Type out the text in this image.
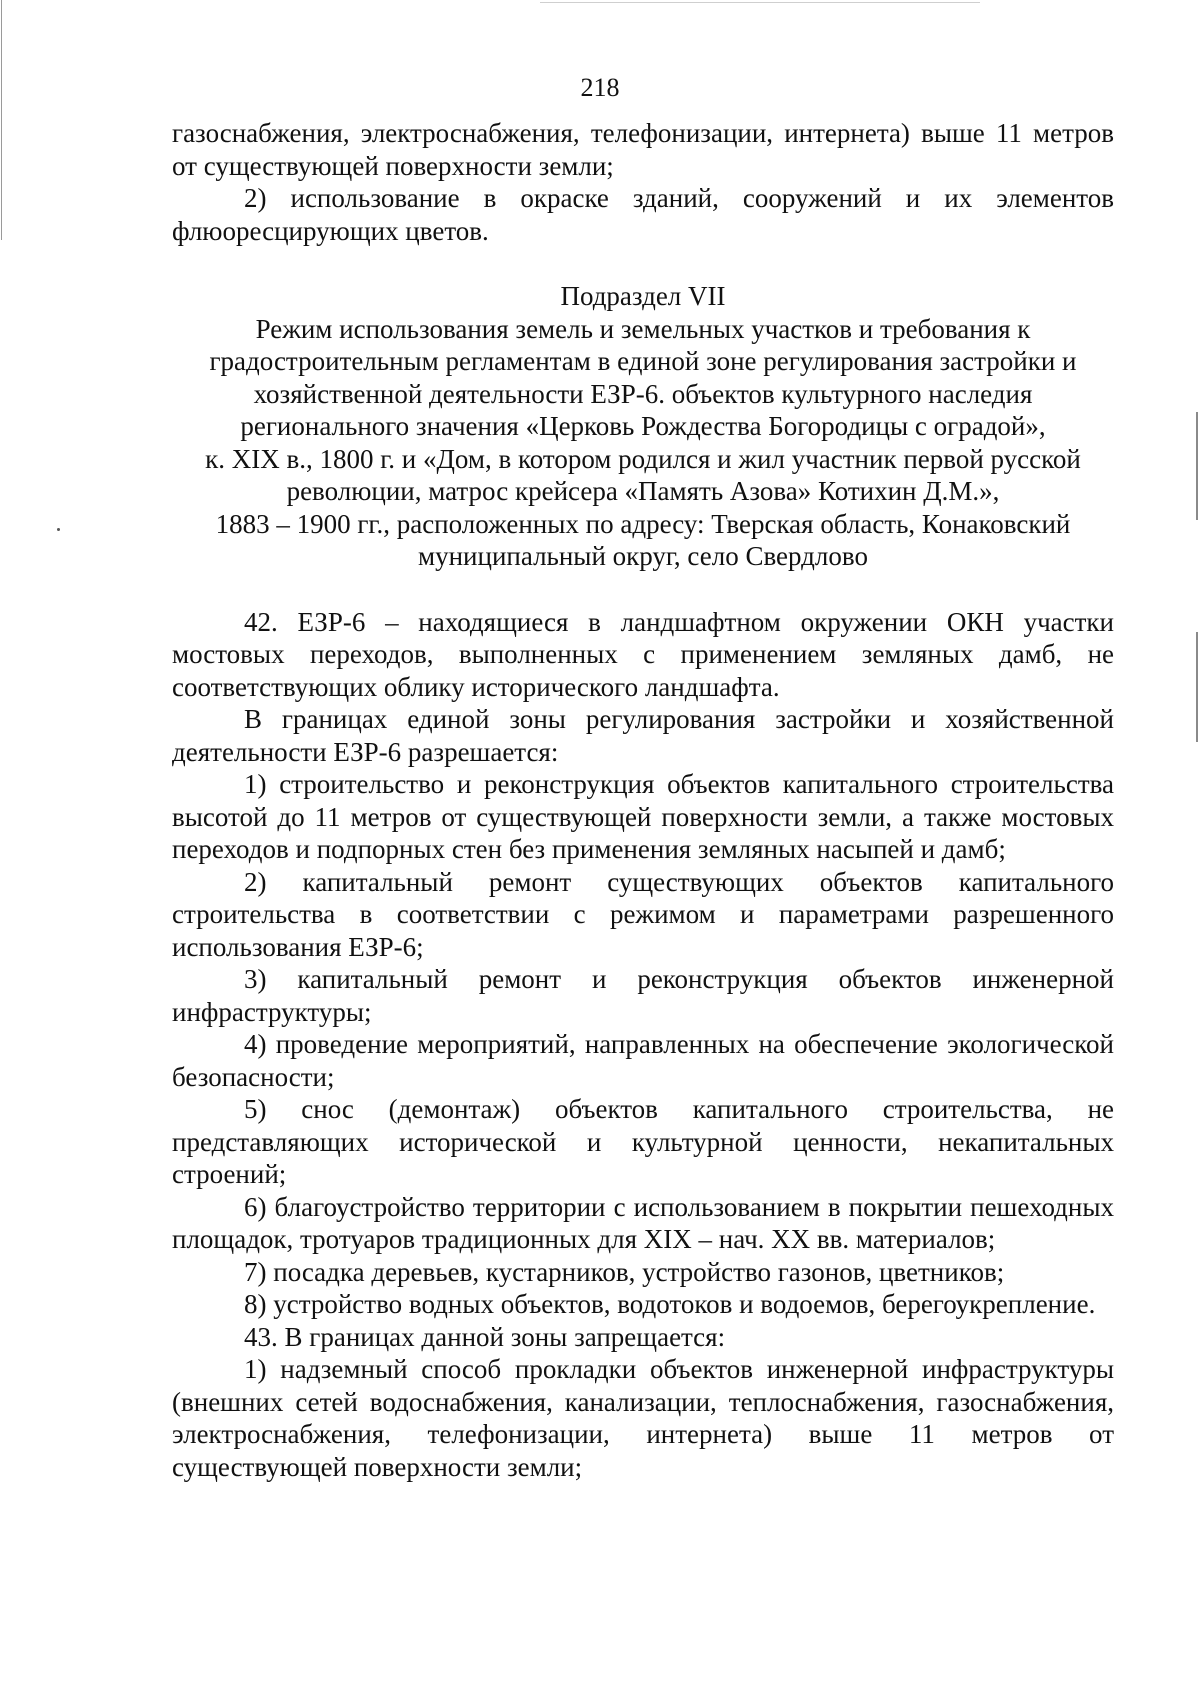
218

газоснабжения, электроснабжения, телефонизации, интернета) выше 11 метров от существующей поверхности земли;

2) использование в окраске зданий, сооружений и их элементов флюоресцирующих цветов.

Подраздел VII

Режим использования земель и земельных участков и требования к

градостроительным регламентам в единой зоне регулирования застройки и

хозяйственной деятельности ЕЗР-6. объектов культурного наследия

регионального значения «Церковь Рождества Богородицы с оградой»,

к. XIX в., 1800 г. и «Дом, в котором родился и жил участник первой русской

революции, матрос крейсера «Память Азова» Котихин Д.М.»,

1883 – 1900 гг., расположенных по адресу: Тверская область, Конаковский

муниципальный округ, село Свердлово

42. ЕЗР-6 – находящиеся в ландшафтном окружении ОКН участки мостовых переходов, выполненных с применением земляных дамб, не соответствующих облику исторического ландшафта.

В границах единой зоны регулирования застройки и хозяйственной деятельности ЕЗР-6 разрешается:

1) строительство и реконструкция объектов капитального строительства высотой до 11 метров от существующей поверхности земли, а также мостовых переходов и подпорных стен без применения земляных насыпей и дамб;

2) капитальный ремонт существующих объектов капитального строительства в соответствии с режимом и параметрами разрешенного использования ЕЗР-6;

3) капитальный ремонт и реконструкция объектов инженерной инфраструктуры;

4) проведение мероприятий, направленных на обеспечение экологической безопасности;

5) снос (демонтаж) объектов капитального строительства, не представляющих исторической и культурной ценности, некапитальных строений;

6) благоустройство территории с использованием в покрытии пешеходных площадок, тротуаров традиционных для XIX – нач. XX вв. материалов;

7) посадка деревьев, кустарников, устройство газонов, цветников;

8) устройство водных объектов, водотоков и водоемов, берегоукрепление.

43. В границах данной зоны запрещается:

1) надземный способ прокладки объектов инженерной инфраструктуры (внешних сетей водоснабжения, канализации, теплоснабжения, газоснабжения, электроснабжения, телефонизации, интернета) выше 11 метров от существующей поверхности земли;
